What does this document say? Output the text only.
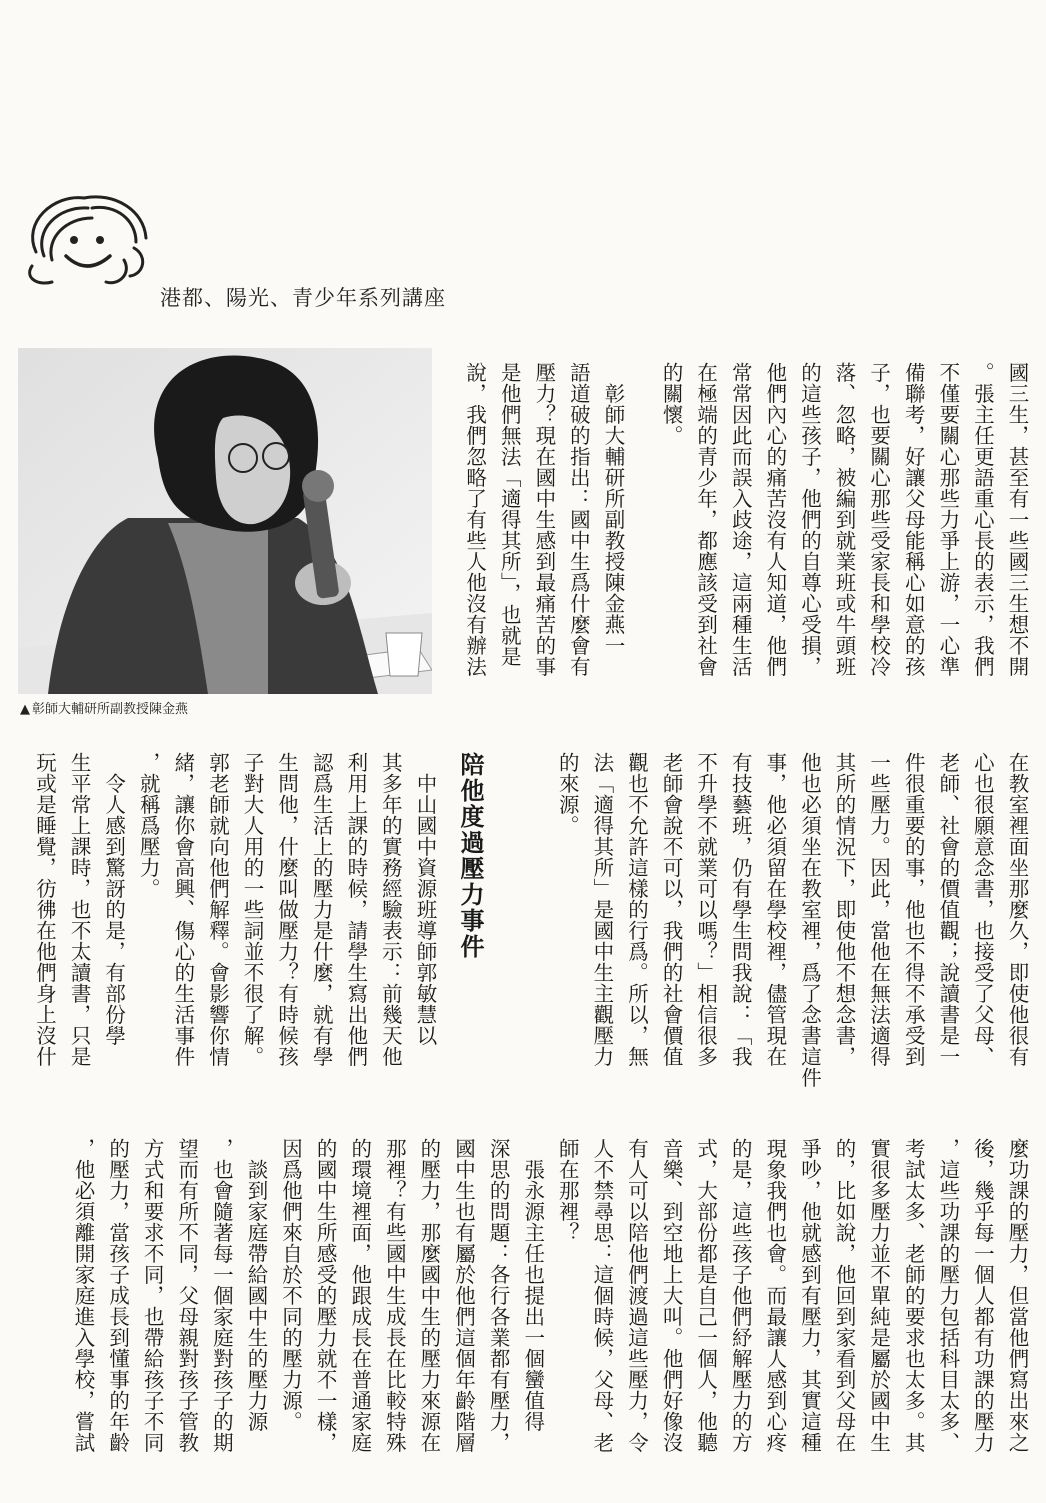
港都、陽光、青少年系列講座
▲ 彰師大輔研所副教授陳金燕
國三生，甚至有一些國三生想不開
。張主任更語重心長的表示，我們
不僅要關心那些力爭上游，一心準
備聯考，好讓父母能稱心如意的孩
子，也要關心那些受家長和學校冷
落、忽略，被編到就業班或牛頭班
的這些孩子，他們的自尊心受損，
他們內心的痛苦沒有人知道，他們
常常因此而誤入歧途，這兩種生活
在極端的青少年，都應該受到社會
的關懷。
　彰師大輔研所副教授陳金燕一
語道破的指出：國中生爲什麼會有
壓力？現在國中生感到最痛苦的事
是他們無法「適得其所」，也就是
說，我們忽略了有些人他沒有辦法
在教室裡面坐那麼久，即使他很有
心也很願意念書，也接受了父母、
老師、社會的價值觀；說讀書是一
件很重要的事，他也不得不承受到
一些壓力。因此，當他在無法適得
其所的情況下，即使他不想念書，
他也必須坐在教室裡，爲了念書這件
事，他必須留在學校裡，儘管現在
有技藝班，仍有學生問我說：「我
不升學不就業可以嗎？」相信很多
老師會說不可以，我們的社會價值
觀也不允許這樣的行爲。所以，無
法「適得其所」是國中生主觀壓力
的來源。
陪他度過壓力事件
　中山國中資源班導師郭敏慧以
其多年的實務經驗表示：前幾天他
利用上課的時候，請學生寫出他們
認爲生活上的壓力是什麼，就有學
生問他，什麼叫做壓力？有時候孩
子對大人用的一些詞並不很了解。
郭老師就向他們解釋。會影響你情
緒，讓你會高興、傷心的生活事件
，就稱爲壓力。
　令人感到驚訝的是，有部份學
生平常上課時，也不太讀書，只是
玩或是睡覺，彷彿在他們身上沒什
麼功課的壓力，但當他們寫出來之
後，幾乎每一個人都有功課的壓力
，這些功課的壓力包括科目太多、
考試太多、老師的要求也太多。其
實很多壓力並不單純是屬於國中生
的，比如說，他回到家看到父母在
爭吵，他就感到有壓力，其實這種
現象我們也會。而最讓人感到心疼
的是，這些孩子他們紓解壓力的方
式，大部份都是自己一個人，他聽
音樂、到空地上大叫。他們好像沒
有人可以陪他們渡過這些壓力，令
人不禁尋思：這個時候，父母、老
師在那裡？
　張永源主任也提出一個蠻值得
深思的問題：各行各業都有壓力，
國中生也有屬於他們這個年齡階層
的壓力，那麼國中生的壓力來源在
那裡？有些國中生成長在比較特殊
的環境裡面，他跟成長在普通家庭
的國中生所感受的壓力就不一樣，
因爲他們來自於不同的壓力源。
　談到家庭帶給國中生的壓力源
，也會隨著每一個家庭對孩子的期
望而有所不同，父母親對孩子管教
方式和要求不同，也帶給孩子不同
的壓力，當孩子成長到懂事的年齡
，他必須離開家庭進入學校，嘗試
